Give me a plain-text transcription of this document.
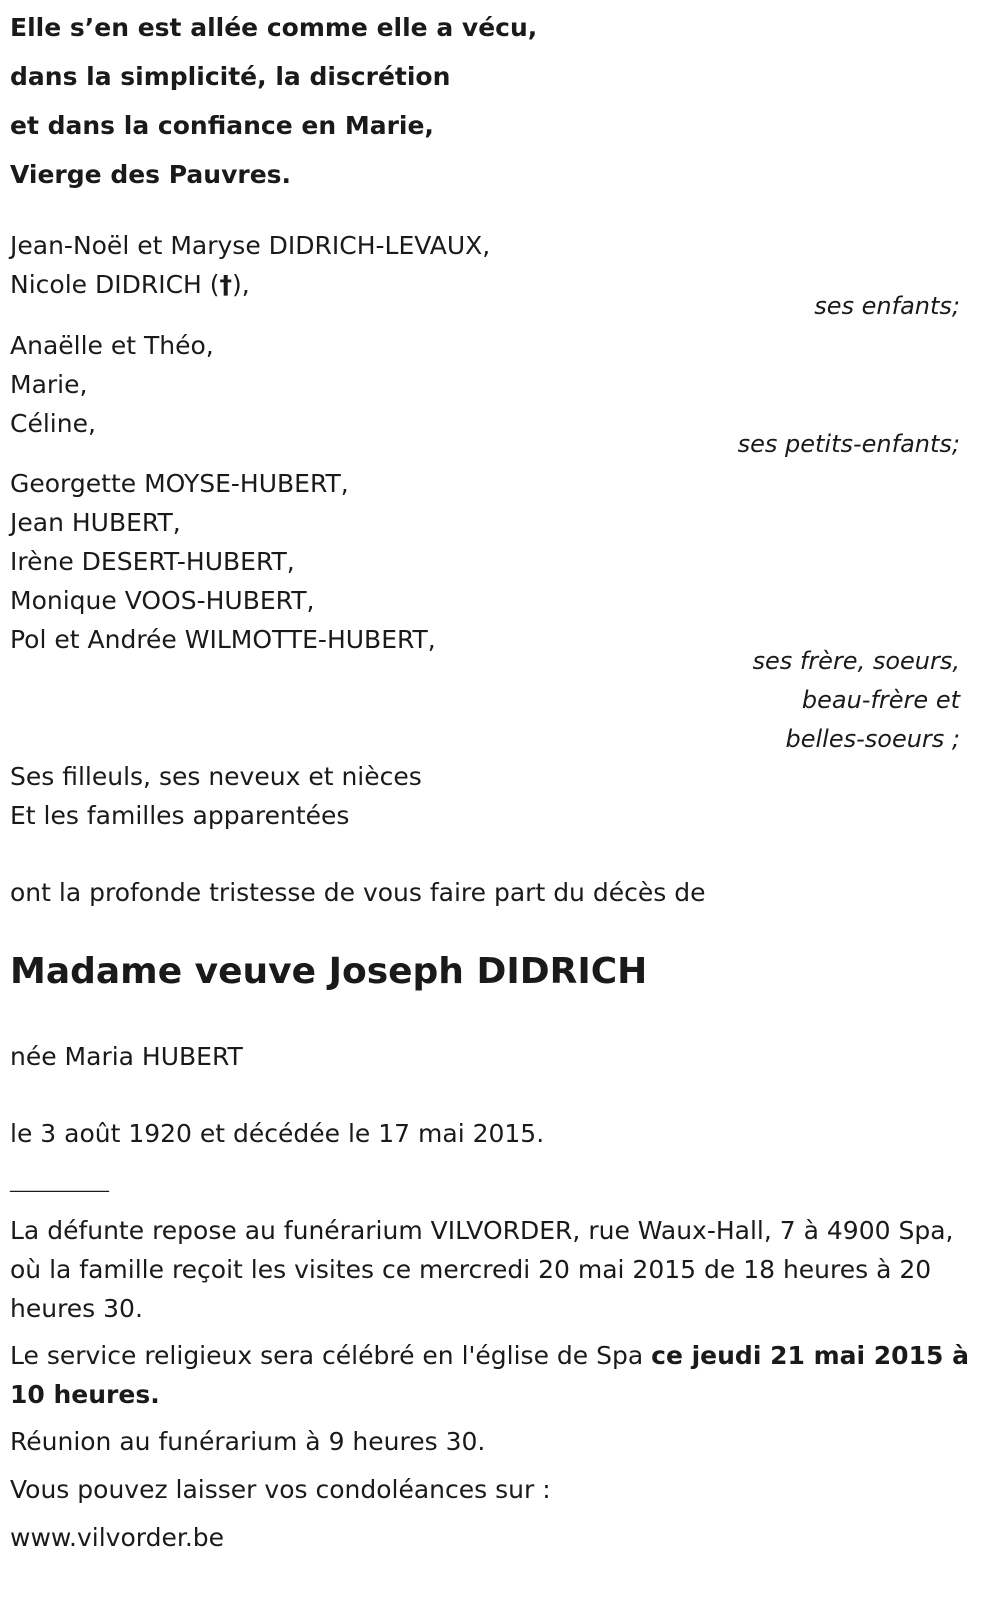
Elle s’en est allée comme elle a vécu,
dans la simplicité, la discrétion
et dans la confiance en Marie,
Vierge des Pauvres.
Jean-Noël et Maryse DIDRICH-LEVAUX,
Nicole DIDRICH (†),
ses enfants;
Anaëlle et Théo,
Marie,
Céline,
ses petits-enfants;
Georgette MOYSE-HUBERT,
Jean HUBERT,
Irène DESERT-HUBERT,
Monique VOOS-HUBERT,
Pol et Andrée WILMOTTE-HUBERT,
ses frère, soeurs,
beau-frère et
belles-soeurs ;
Ses filleuls, ses neveux et nièces
Et les familles apparentées
ont la profonde tristesse de vous faire part du décès de
Madame veuve Joseph DIDRICH
née Maria HUBERT
le 3 août 1920 et décédée le 17 mai 2015.
___________

La défunte repose au funérarium VILVORDER, rue Waux-Hall, 7 à 4900 Spa, où la famille reçoit les visites ce mercredi 20 mai 2015 de 18 heures à 20 heures 30.

Le service religieux sera célébré en l'église de Spa ce jeudi 21 mai 2015 à 10 heures.

Réunion au funérarium à 9 heures 30.

Vous pouvez laisser vos condoléances sur :

www.vilvorder.be
